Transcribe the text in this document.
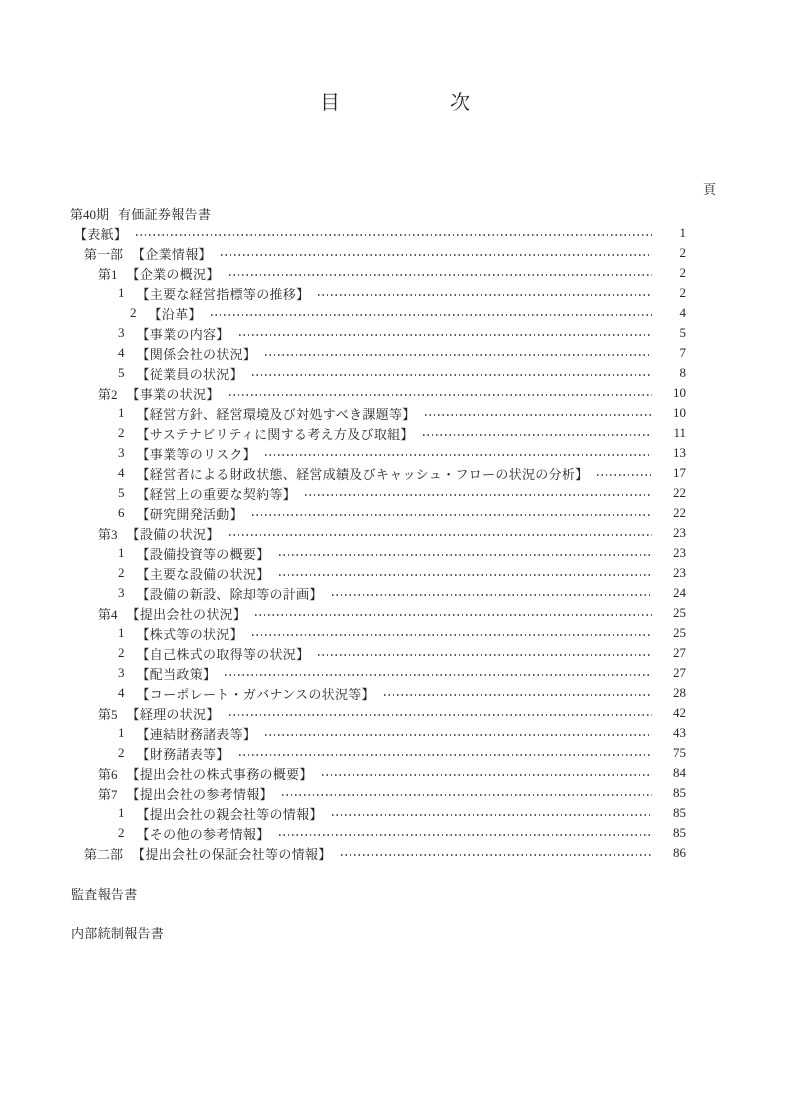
目	次
頁
第40期 有価証券報告書
【表紙】	1
第一部 【企業情報】	2
第1 【企業の概況】	2
1 【主要な経営指標等の推移】	2
2 【沿革】	4
3 【事業の内容】	5
4 【関係会社の状況】	7
5 【従業員の状況】	8
第2 【事業の状況】	10
1 【経営方針、経営環境及び対処すべき課題等】	10
2 【サステナビリティに関する考え方及び取組】	11
3 【事業等のリスク】	13
4 【経営者による財政状態、経営成績及びキャッシュ・フローの状況の分析】	17
5 【経営上の重要な契約等】	22
6 【研究開発活動】	22
第3 【設備の状況】	23
1 【設備投資等の概要】	23
2 【主要な設備の状況】	23
3 【設備の新設、除却等の計画】	24
第4 【提出会社の状況】	25
1 【株式等の状況】	25
2 【自己株式の取得等の状況】	27
3 【配当政策】	27
4 【コーポレート・ガバナンスの状況等】	28
第5 【経理の状況】	42
1 【連結財務諸表等】	43
2 【財務諸表等】	75
第6 【提出会社の株式事務の概要】	84
第7 【提出会社の参考情報】	85
1 【提出会社の親会社等の情報】	85
2 【その他の参考情報】	85
第二部 【提出会社の保証会社等の情報】	86
監査報告書
内部統制報告書
